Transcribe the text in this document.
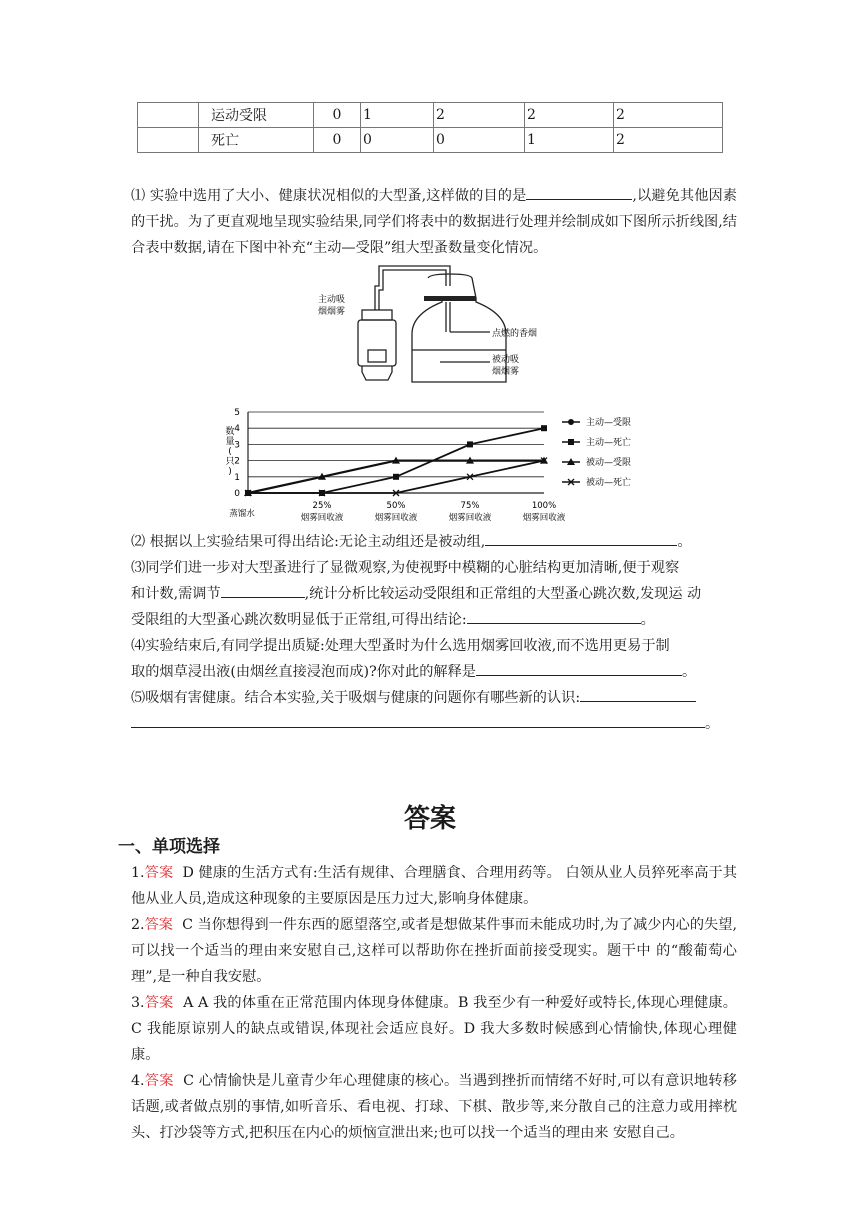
	运动受限	0	1	2	2	2
	死亡	0	0	0	1	2
⑴ 实验中选用了大小、健康状况相似的大型蚤,这样做的目的是	,以避免其他因素的干扰。为了更直观地呈现实验结果,同学们将表中的数据进行处理并绘制成如下图所示折线图,结合表中数据,请在下图中补充“主动—受限”组大型蚤数量变化情况。
主动吸
烟烟雾
点燃的香烟
被动吸
烟烟雾
0
1
2
3
4
5
数
量
(
只
)
蒸馏水
25%
烟雾回收液
50%
烟雾回收液
75%
烟雾回收液
100%
烟雾回收液
主动—受限
主动—死亡
被动—受限
被动—死亡
⑵ 根据以上实验结果可得出结论:无论主动组还是被动组,	。
⑶同学们进一步对大型蚤进行了显微观察,为使视野中模糊的心脏结构更加清晰,便于观察
和计数,需调节	,统计分析比较运动受限组和正常组的大型蚤心跳次数,发现运 动
受限组的大型蚤心跳次数明显低于正常组,可得出结论:	。
⑷实验结束后,有同学提出质疑:处理大型蚤时为什么选用烟雾回收液,而不选用更易于制
取的烟草浸出液(由烟丝直接浸泡而成)?你对此的解释是	。
⑸吸烟有害健康。结合本实验,关于吸烟与健康的问题你有哪些新的认识:
。
答案
一、单项选择
1.答案 D 健康的生活方式有:生活有规律、合理膳食、合理用药等。 白领从业人员猝死率高于其他从业人员,造成这种现象的主要原因是压力过大,影响身体健康。
2.答案 C 当你想得到一件东西的愿望落空,或者是想做某件事而未能成功时,为了减少内心的失望,可以找一个适当的理由来安慰自己,这样可以帮助你在挫折面前接受现实。题干中 的“酸葡萄心理”,是一种自我安慰。
3.答案 A A 我的体重在正常范围内体现身体健康。B 我至少有一种爱好或特长,体现心理健康。C 我能原谅别人的缺点或错误,体现社会适应良好。D 我大多数时候感到心情愉快,体现心理健康。
4.答案 C 心情愉快是儿童青少年心理健康的核心。当遇到挫折而情绪不好时,可以有意识地转移话题,或者做点别的事情,如听音乐、看电视、打球、下棋、散步等,来分散自己的注意力或用摔枕头、打沙袋等方式,把积压在内心的烦恼宣泄出来;也可以找一个适当的理由来 安慰自己。
